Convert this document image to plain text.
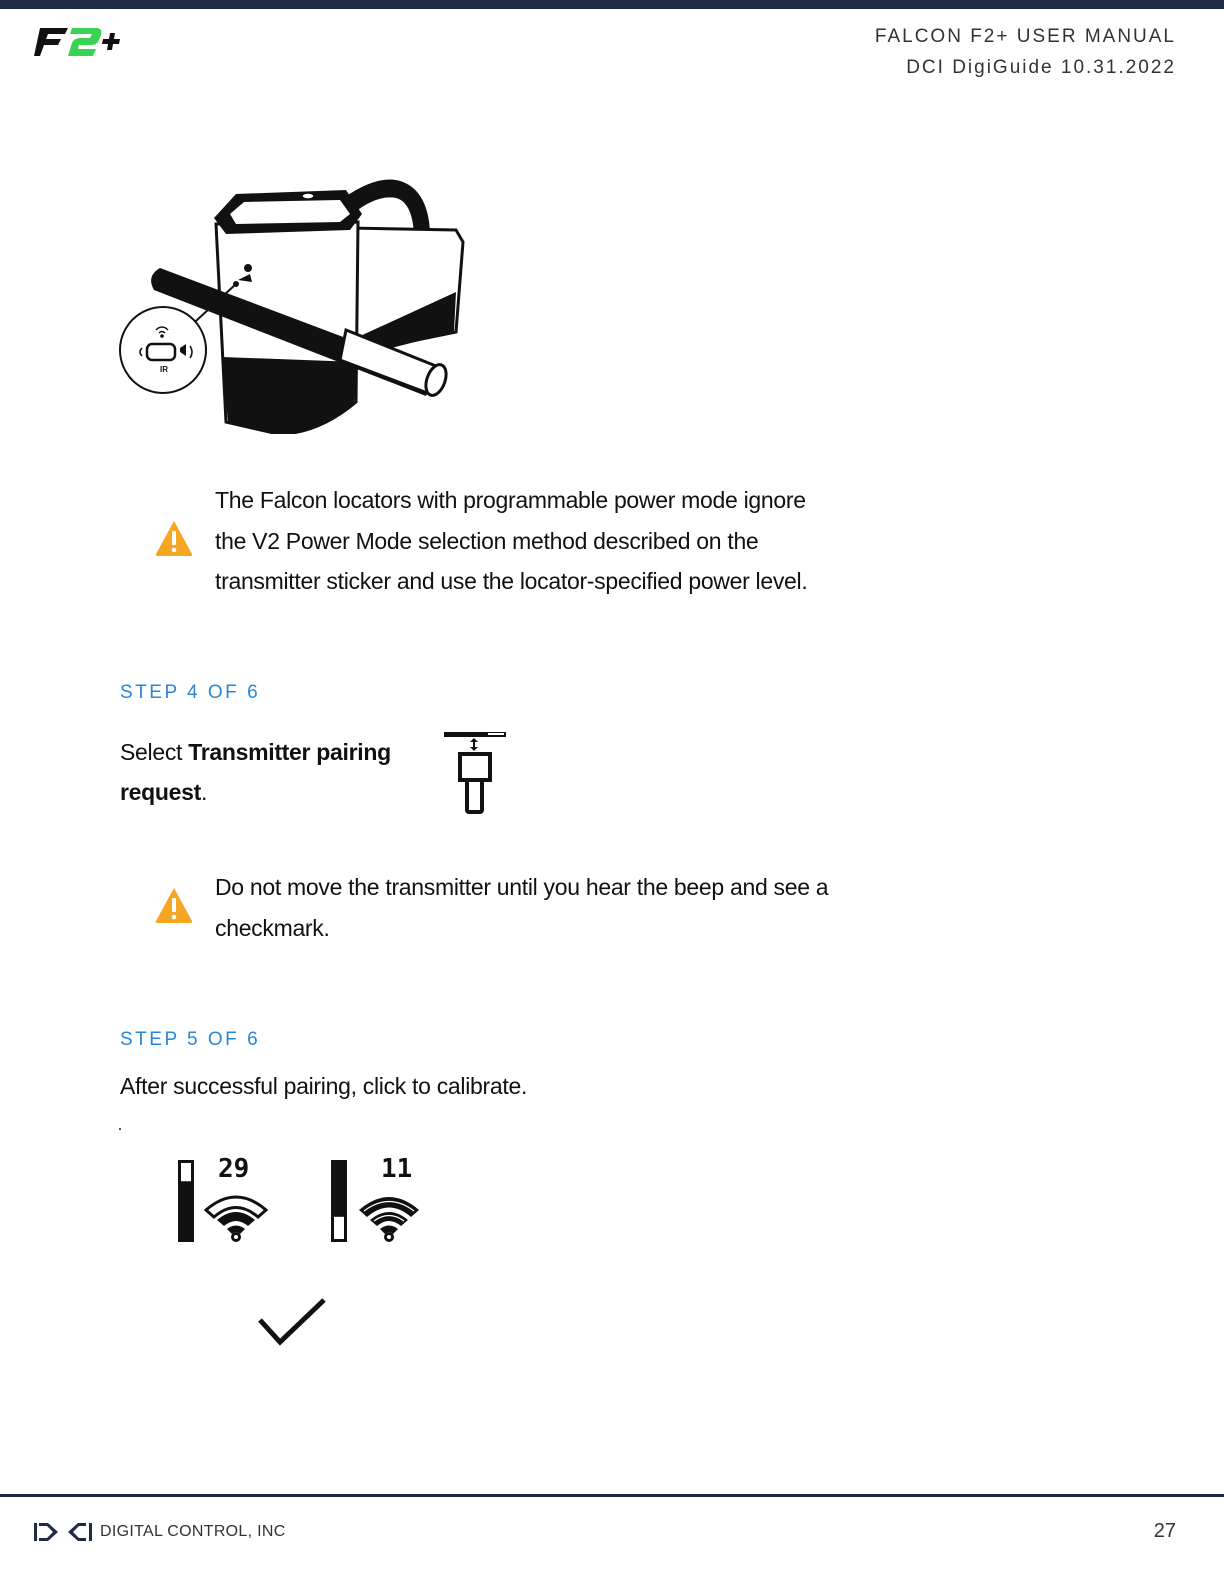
FALCON F2+ USER MANUAL
DCI DigiGuide 10.31.2022
IR
The Falcon locators with programmable power mode ignore
the V2 Power Mode selection method described on the
transmitter sticker and use the locator-specified power level.
STEP 4 OF 6
Select Transmitter pairing
request.
Do not move the transmitter until you hear the beep and see a
checkmark.
STEP 5 OF 6
After successful pairing, click to calibrate.
29	11
DIGITAL CONTROL, INC	27
